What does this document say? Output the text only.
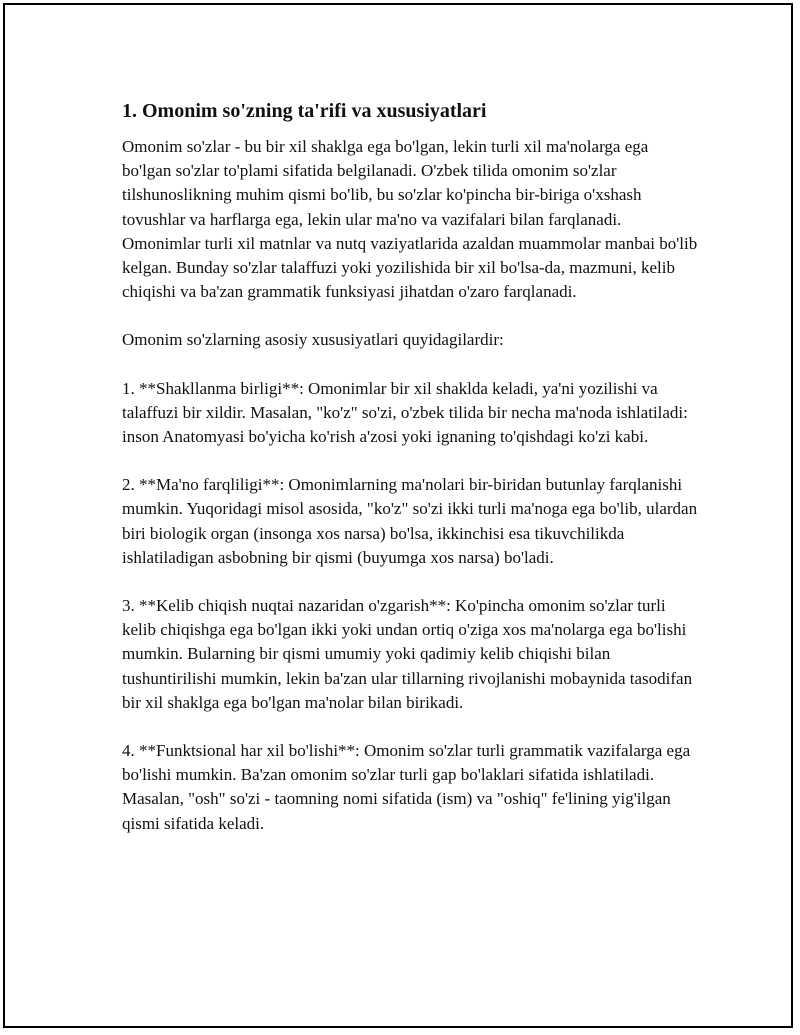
1. Omonim so'zning ta'rifi va xususiyatlari

Omonim so'zlar - bu bir xil shaklga ega bo'lgan, lekin turli xil ma'nolarga ega bo'lgan so'zlar to'plami sifatida belgilanadi. O'zbek tilida omonim so'zlar tilshunoslikning muhim qismi bo'lib, bu so'zlar ko'pincha bir-biriga o'xshash tovushlar va harflarga ega, lekin ular ma'no va vazifalari bilan farqlanadi. Omonimlar turli xil matnlar va nutq vaziyatlarida azaldan muammolar manbai bo'lib kelgan. Bunday so'zlar talaffuzi yoki yozilishida bir xil bo'lsa-da, mazmuni, kelib chiqishi va ba'zan grammatik funksiyasi jihatdan o'zaro farqlanadi.

Omonim so'zlarning asosiy xususiyatlari quyidagilardir:

1. **Shakllanma birligi**: Omonimlar bir xil shaklda keladi, ya'ni yozilishi va talaffuzi bir xildir. Masalan, "ko'z" so'zi, o'zbek tilida bir necha ma'noda ishlatiladi: inson Anatomyasi bo'yicha ko'rish a'zosi yoki ignaning to'qishdagi ko'zi kabi.

2. **Ma'no farqliligi**: Omonimlarning ma'nolari bir-biridan butunlay farqlanishi mumkin. Yuqoridagi misol asosida, "ko'z" so'zi ikki turli ma'noga ega bo'lib, ulardan biri biologik organ (insonga xos narsa) bo'lsa, ikkinchisi esa tikuvchilikda ishlatiladigan asbobning bir qismi (buyumga xos narsa) bo'ladi.

3. **Kelib chiqish nuqtai nazaridan o'zgarish**: Ko'pincha omonim so'zlar turli kelib chiqishga ega bo'lgan ikki yoki undan ortiq o'ziga xos ma'nolarga ega bo'lishi mumkin. Bularning bir qismi umumiy yoki qadimiy kelib chiqishi bilan tushuntirilishi mumkin, lekin ba'zan ular tillarning rivojlanishi mobaynida tasodifan bir xil shaklga ega bo'lgan ma'nolar bilan birikadi.

4. **Funktsional har xil bo'lishi**: Omonim so'zlar turli grammatik vazifalarga ega bo'lishi mumkin. Ba'zan omonim so'zlar turli gap bo'laklari sifatida ishlatiladi. Masalan, "osh" so'zi - taomning nomi sifatida (ism) va "oshiq" fe'lining yig'ilgan qismi sifatida keladi.
